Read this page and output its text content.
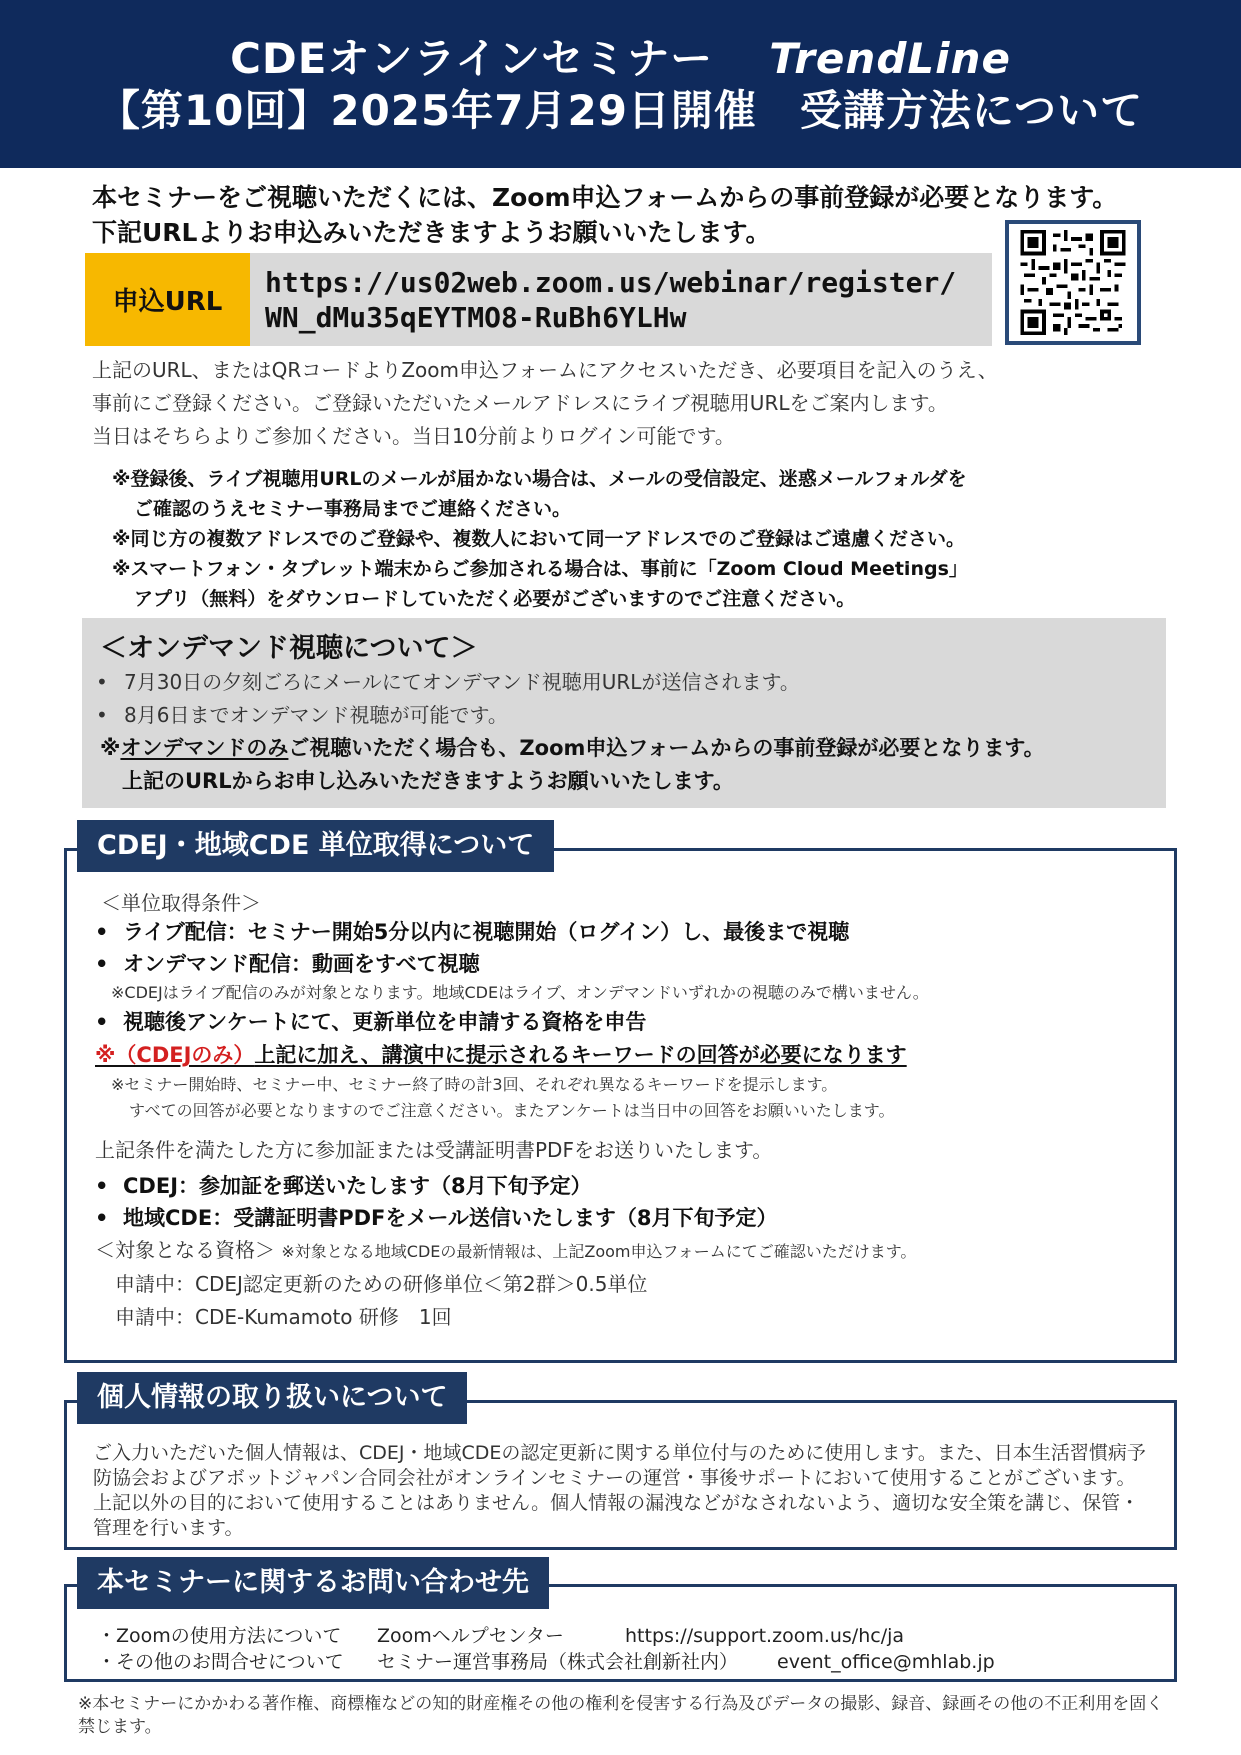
CDEオンラインセミナー TrendLine
【第10回】2025年7月29日開催　受講方法について
本セミナーをご視聴いただくには、Zoom申込フォームからの事前登録が必要となります。
下記URLよりお申込みいただきますようお願いいたします。
申込URL
https://us02web.zoom.us/webinar/register/
WN_dMu35qEYTMO8-RuBh6YLHw
上記のURL、またはQRコードよりZoom申込フォームにアクセスいただき、必要項目を記入のうえ、
事前にご登録ください。ご登録いただいたメールアドレスにライブ視聴用URLをご案内します。
当日はそちらよりご参加ください。当日10分前よりログイン可能です。
※登録後、ライブ視聴用URLのメールが届かない場合は、メールの受信設定、迷惑メールフォルダを
ご確認のうえセミナー事務局までご連絡ください。
※同じ方の複数アドレスでのご登録や、複数人において同一アドレスでのご登録はご遠慮ください。
※スマートフォン・タブレット端末からご参加される場合は、事前に「Zoom Cloud Meetings」
アプリ（無料）をダウンロードしていただく必要がございますのでご注意ください。
＜オンデマンド視聴について＞
• 7月30日の夕刻ごろにメールにてオンデマンド視聴用URLが送信されます。
• 8月6日までオンデマンド視聴が可能です。
※オンデマンドのみご視聴いただく場合も、Zoom申込フォームからの事前登録が必要となります。
上記のURLからお申し込みいただきますようお願いいたします。
＜単位取得条件＞
• ライブ配信：セミナー開始5分以内に視聴開始（ログイン）し、最後まで視聴
• オンデマンド配信：動画をすべて視聴
※CDEJはライブ配信のみが対象となります。地域CDEはライブ、オンデマンドいずれかの視聴のみで構いません。
• 視聴後アンケートにて、更新単位を申請する資格を申告
※（CDEJのみ）上記に加え、講演中に提示されるキーワードの回答が必要になります
※セミナー開始時、セミナー中、セミナー終了時の計3回、それぞれ異なるキーワードを提示します。
すべての回答が必要となりますのでご注意ください。またアンケートは当日中の回答をお願いいたします。
上記条件を満たした方に参加証または受講証明書PDFをお送りいたします。
• CDEJ：参加証を郵送いたします（8月下旬予定）
• 地域CDE：受講証明書PDFをメール送信いたします（8月下旬予定）
＜対象となる資格＞ ※対象となる地域CDEの最新情報は、上記Zoom申込フォームにてご確認いただけます。
申請中：CDEJ認定更新のための研修単位＜第2群＞0.5単位
申請中：CDE-Kumamoto 研修　1回
CDEJ・地域CDE 単位取得について
ご入力いただいた個人情報は、CDEJ・地域CDEの認定更新に関する単位付与のために使用します。また、日本生活習慣病予防協会およびアボットジャパン合同会社がオンラインセミナーの運営・事後サポートにおいて使用することがございます。上記以外の目的において使用することはありません。個人情報の漏洩などがなされないよう、適切な安全策を講じ、保管・管理を行います。
個人情報の取り扱いについて
・Zoomの使用方法について Zoomヘルプセンター	https://support.zoom.us/hc/ja
・その他のお問合せについて セミナー運営事務局（株式会社創新社内） event_office@mhlab.jp
本セミナーに関するお問い合わせ先
※本セミナーにかかわる著作権、商標権などの知的財産権その他の権利を侵害する行為及びデータの撮影、録音、録画その他の不正利用を固く禁じます。
